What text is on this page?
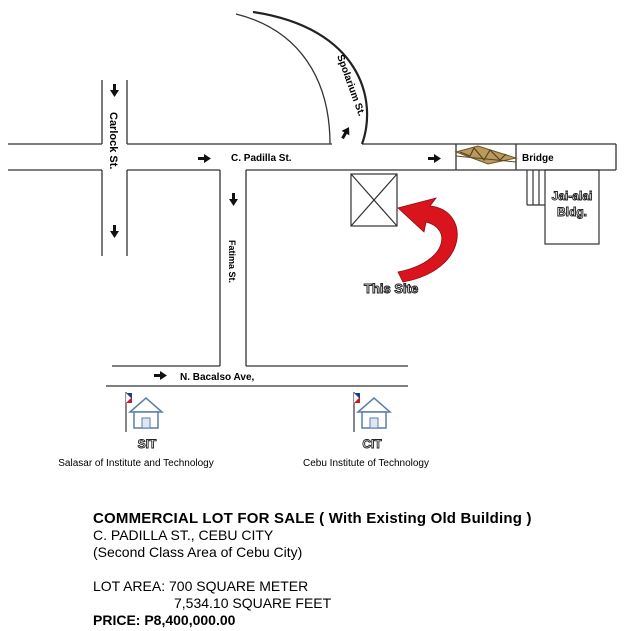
Spolarium St.
Carlock St.	C. Padilla St.
Fatima St.
N. Bacalso Ave,
Bridge
Jai-alai
Bldg.
This Site
SIT
Salasar of Institute and Technology
CIT
Cebu Institute of Technology
COMMERCIAL LOT FOR SALE ( With Existing Old Building )
C. PADILLA ST., CEBU CITY
(Second Class Area of Cebu City)
LOT AREA: 700 SQUARE METER
7,534.10 SQUARE FEET
PRICE: P8,400,000.00
